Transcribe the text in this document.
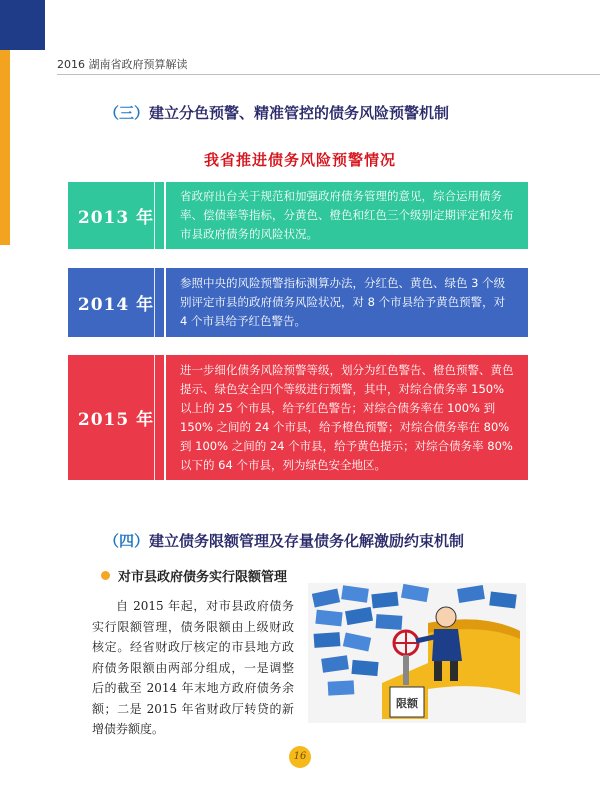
2016 湖南省政府预算解读
（三）建立分色预警、精准管控的债务风险预警机制
我省推进债务风险预警情况
2013 年
省政府出台关于规范和加强政府债务管理的意见，综合运用债务率、偿债率等指标，分黄色、橙色和红色三个级别定期评定和发布市县政府债务的风险状况。
2014 年
参照中央的风险预警指标测算办法，分红色、黄色、绿色 3 个级别评定市县的政府债务风险状况，对 8 个市县给予黄色预警，对 4 个市县给予红色警告。
2015 年
进一步细化债务风险预警等级，划分为红色警告、橙色预警、黄色提示、绿色安全四个等级进行预警，其中，对综合债务率 150% 以上的 25 个市县，给予红色警告；对综合债务率在 100% 到 150% 之间的 24 个市县，给予橙色预警；对综合债务率在 80% 到 100% 之间的 24 个市县，给予黄色提示；对综合债务率 80% 以下的 64 个市县，列为绿色安全地区。
（四）建立债务限额管理及存量债务化解激励约束机制
对市县政府债务实行限额管理
自 2015 年起，对市县政府债务实行限额管理，债务限额由上级财政核定。经省财政厅核定的市县地方政府债务限额由两部分组成，一是调整后的截至 2014 年末地方政府债务余额；二是 2015 年省财政厅转贷的新增债券额度。
限额
16
